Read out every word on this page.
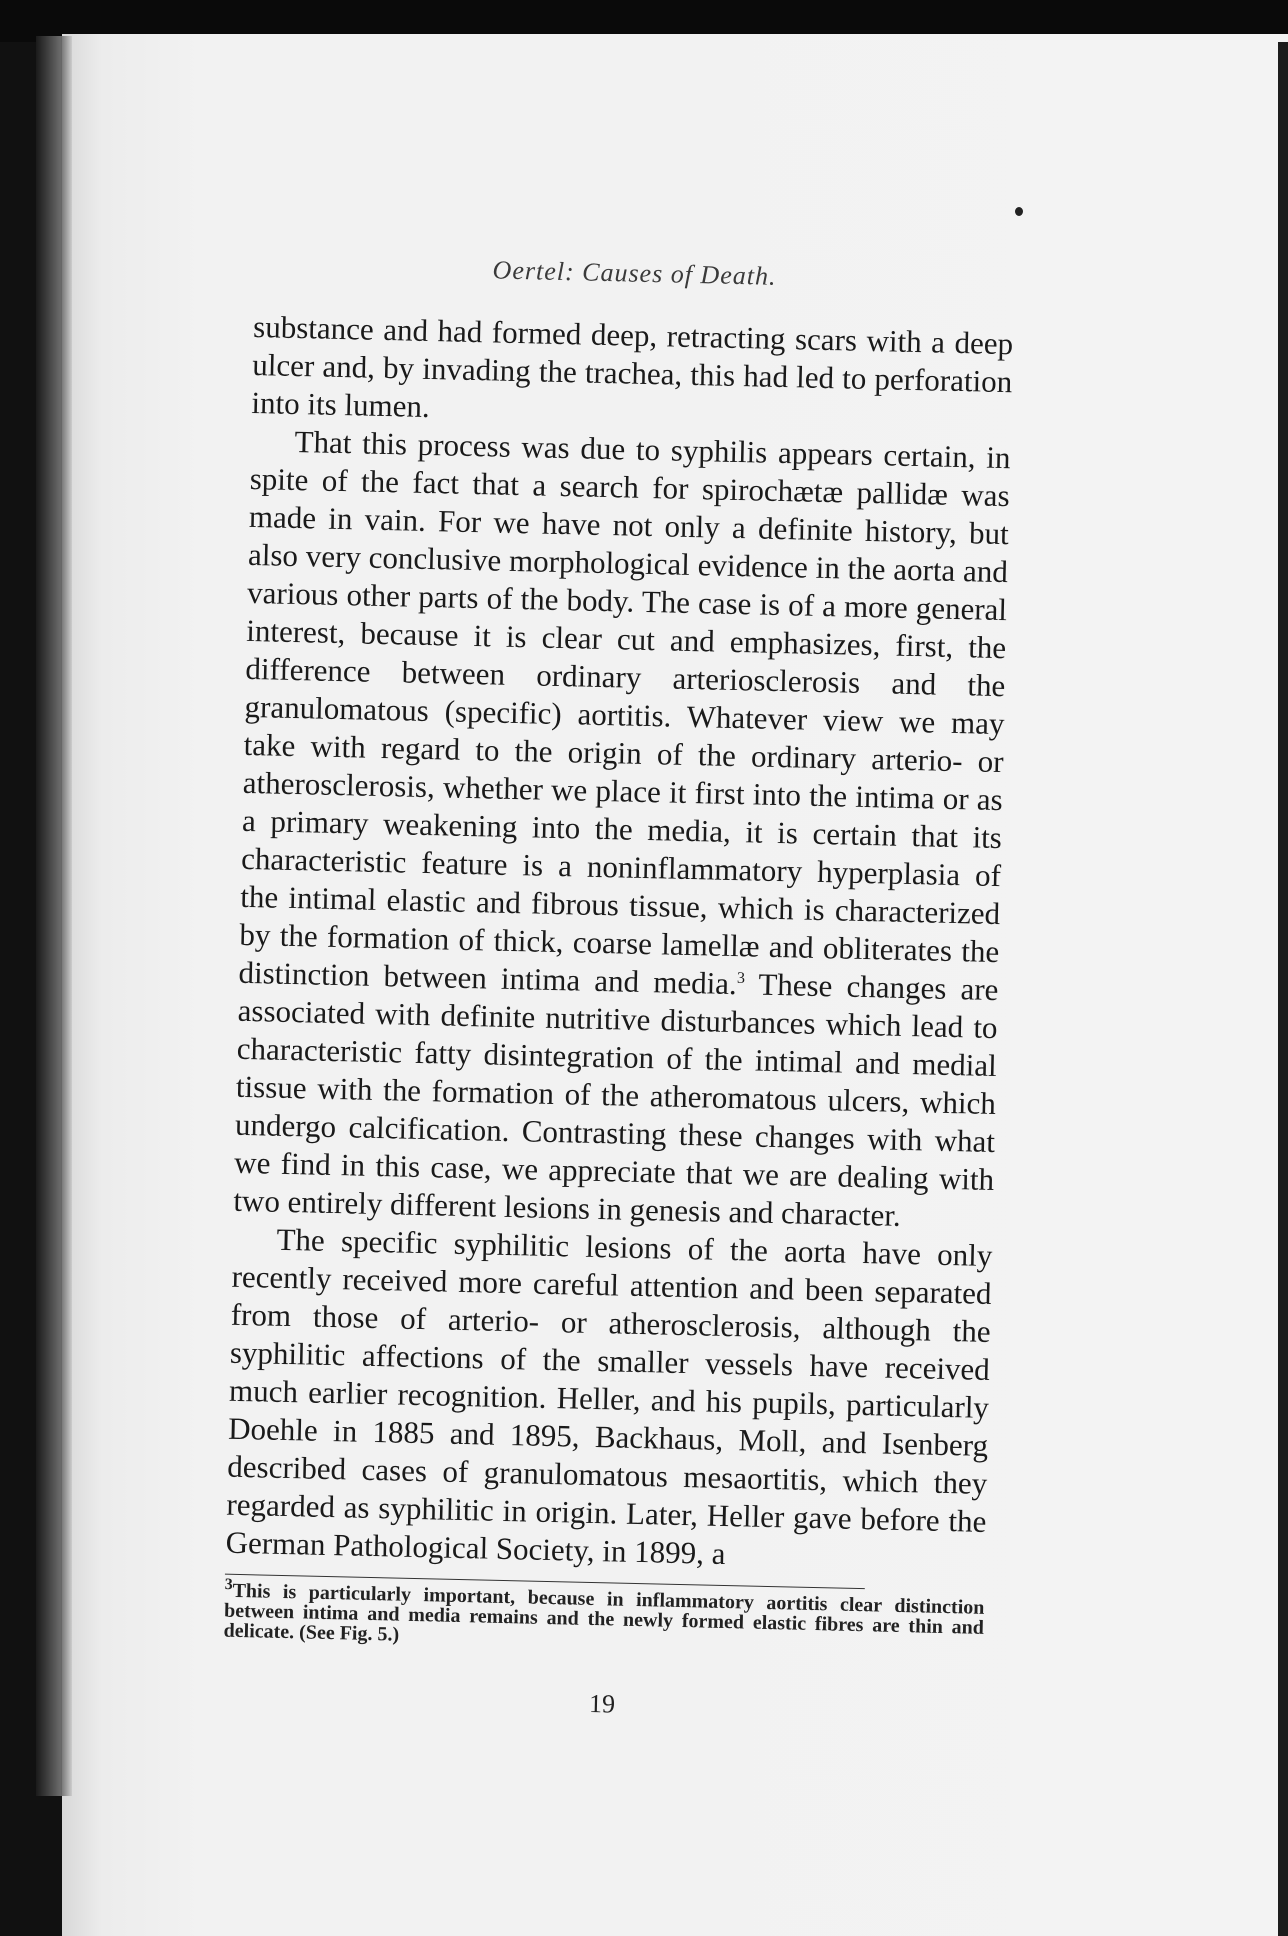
Oertel: Causes of Death.

substance and had formed deep, retracting scars with a deep ulcer and, by invading the trachea, this had led to perforation into its lumen.

That this process was due to syphilis appears certain, in spite of the fact that a search for spirochætæ pallidæ was made in vain. For we have not only a definite history, but also very conclusive morphological evidence in the aorta and various other parts of the body. The case is of a more general interest, because it is clear cut and emphasizes, first, the difference between ordinary arteriosclerosis and the granulomatous (specific) aortitis. Whatever view we may take with regard to the origin of the ordinary arterio- or atherosclerosis, whether we place it first into the intima or as a primary weakening into the media, it is certain that its characteristic feature is a noninflammatory hyperplasia of the intimal elastic and fibrous tissue, which is characterized by the formation of thick, coarse lamellæ and obliterates the distinction between intima and media.$^3$ These changes are associated with definite nutritive disturbances which lead to characteristic fatty disintegration of the intimal and medial tissue with the formation of the atheromatous ulcers, which undergo calcification. Contrasting these changes with what we find in this case, we appreciate that we are dealing with two entirely different lesions in genesis and character.

The specific syphilitic lesions of the aorta have only recently received more careful attention and been separated from those of arterio- or atherosclerosis, although the syphilitic affections of the smaller vessels have received much earlier recognition. Heller, and his pupils, particularly Doehle in 1885 and 1895, Backhaus, Moll, and Isenberg described cases of granulomatous mesaortitis, which they regarded as syphilitic in origin. Later, Heller gave before the German Pathological Society, in 1899, a

$^3$This is particularly important, because in inflammatory aortitis clear distinction between intima and media remains and the newly formed elastic fibres are thin and delicate. (See Fig. 5.)
19
